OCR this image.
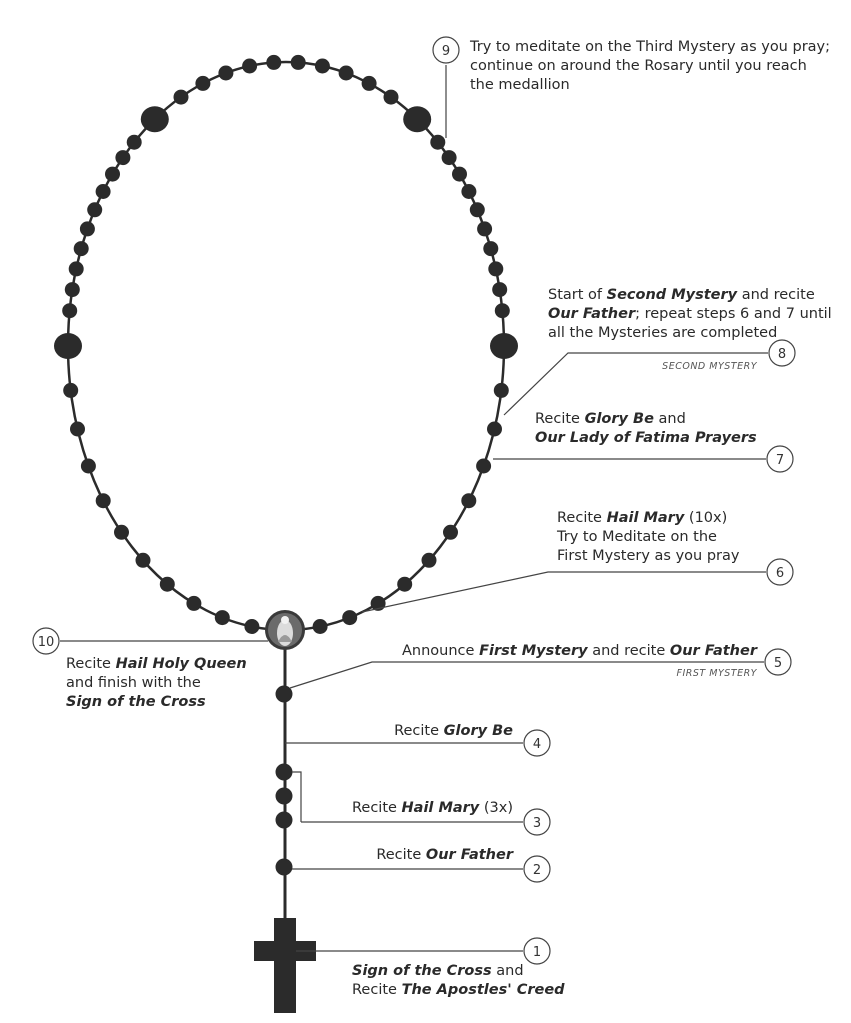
1
2
3
4
5
6
7
8
9
10
Sign of the Cross and
Recite The Apostles' Creed
Recite Our Father
Recite Hail Mary (3x)
Recite Glory Be
Announce First Mystery and recite Our Father
FIRST MYSTERY
Recite Hail Mary (10x)
Try to Meditate on the
First Mystery as you pray
Recite Glory Be and
Our Lady of Fatima Prayers
Start of Second Mystery and recite
Our Father; repeat steps 6 and 7 until
all the Mysteries are completed
SECOND MYSTERY
Try to meditate on the Third Mystery as you pray;
continue on around the Rosary until you reach
the medallion
Recite Hail Holy Queen
and finish with the
Sign of the Cross
